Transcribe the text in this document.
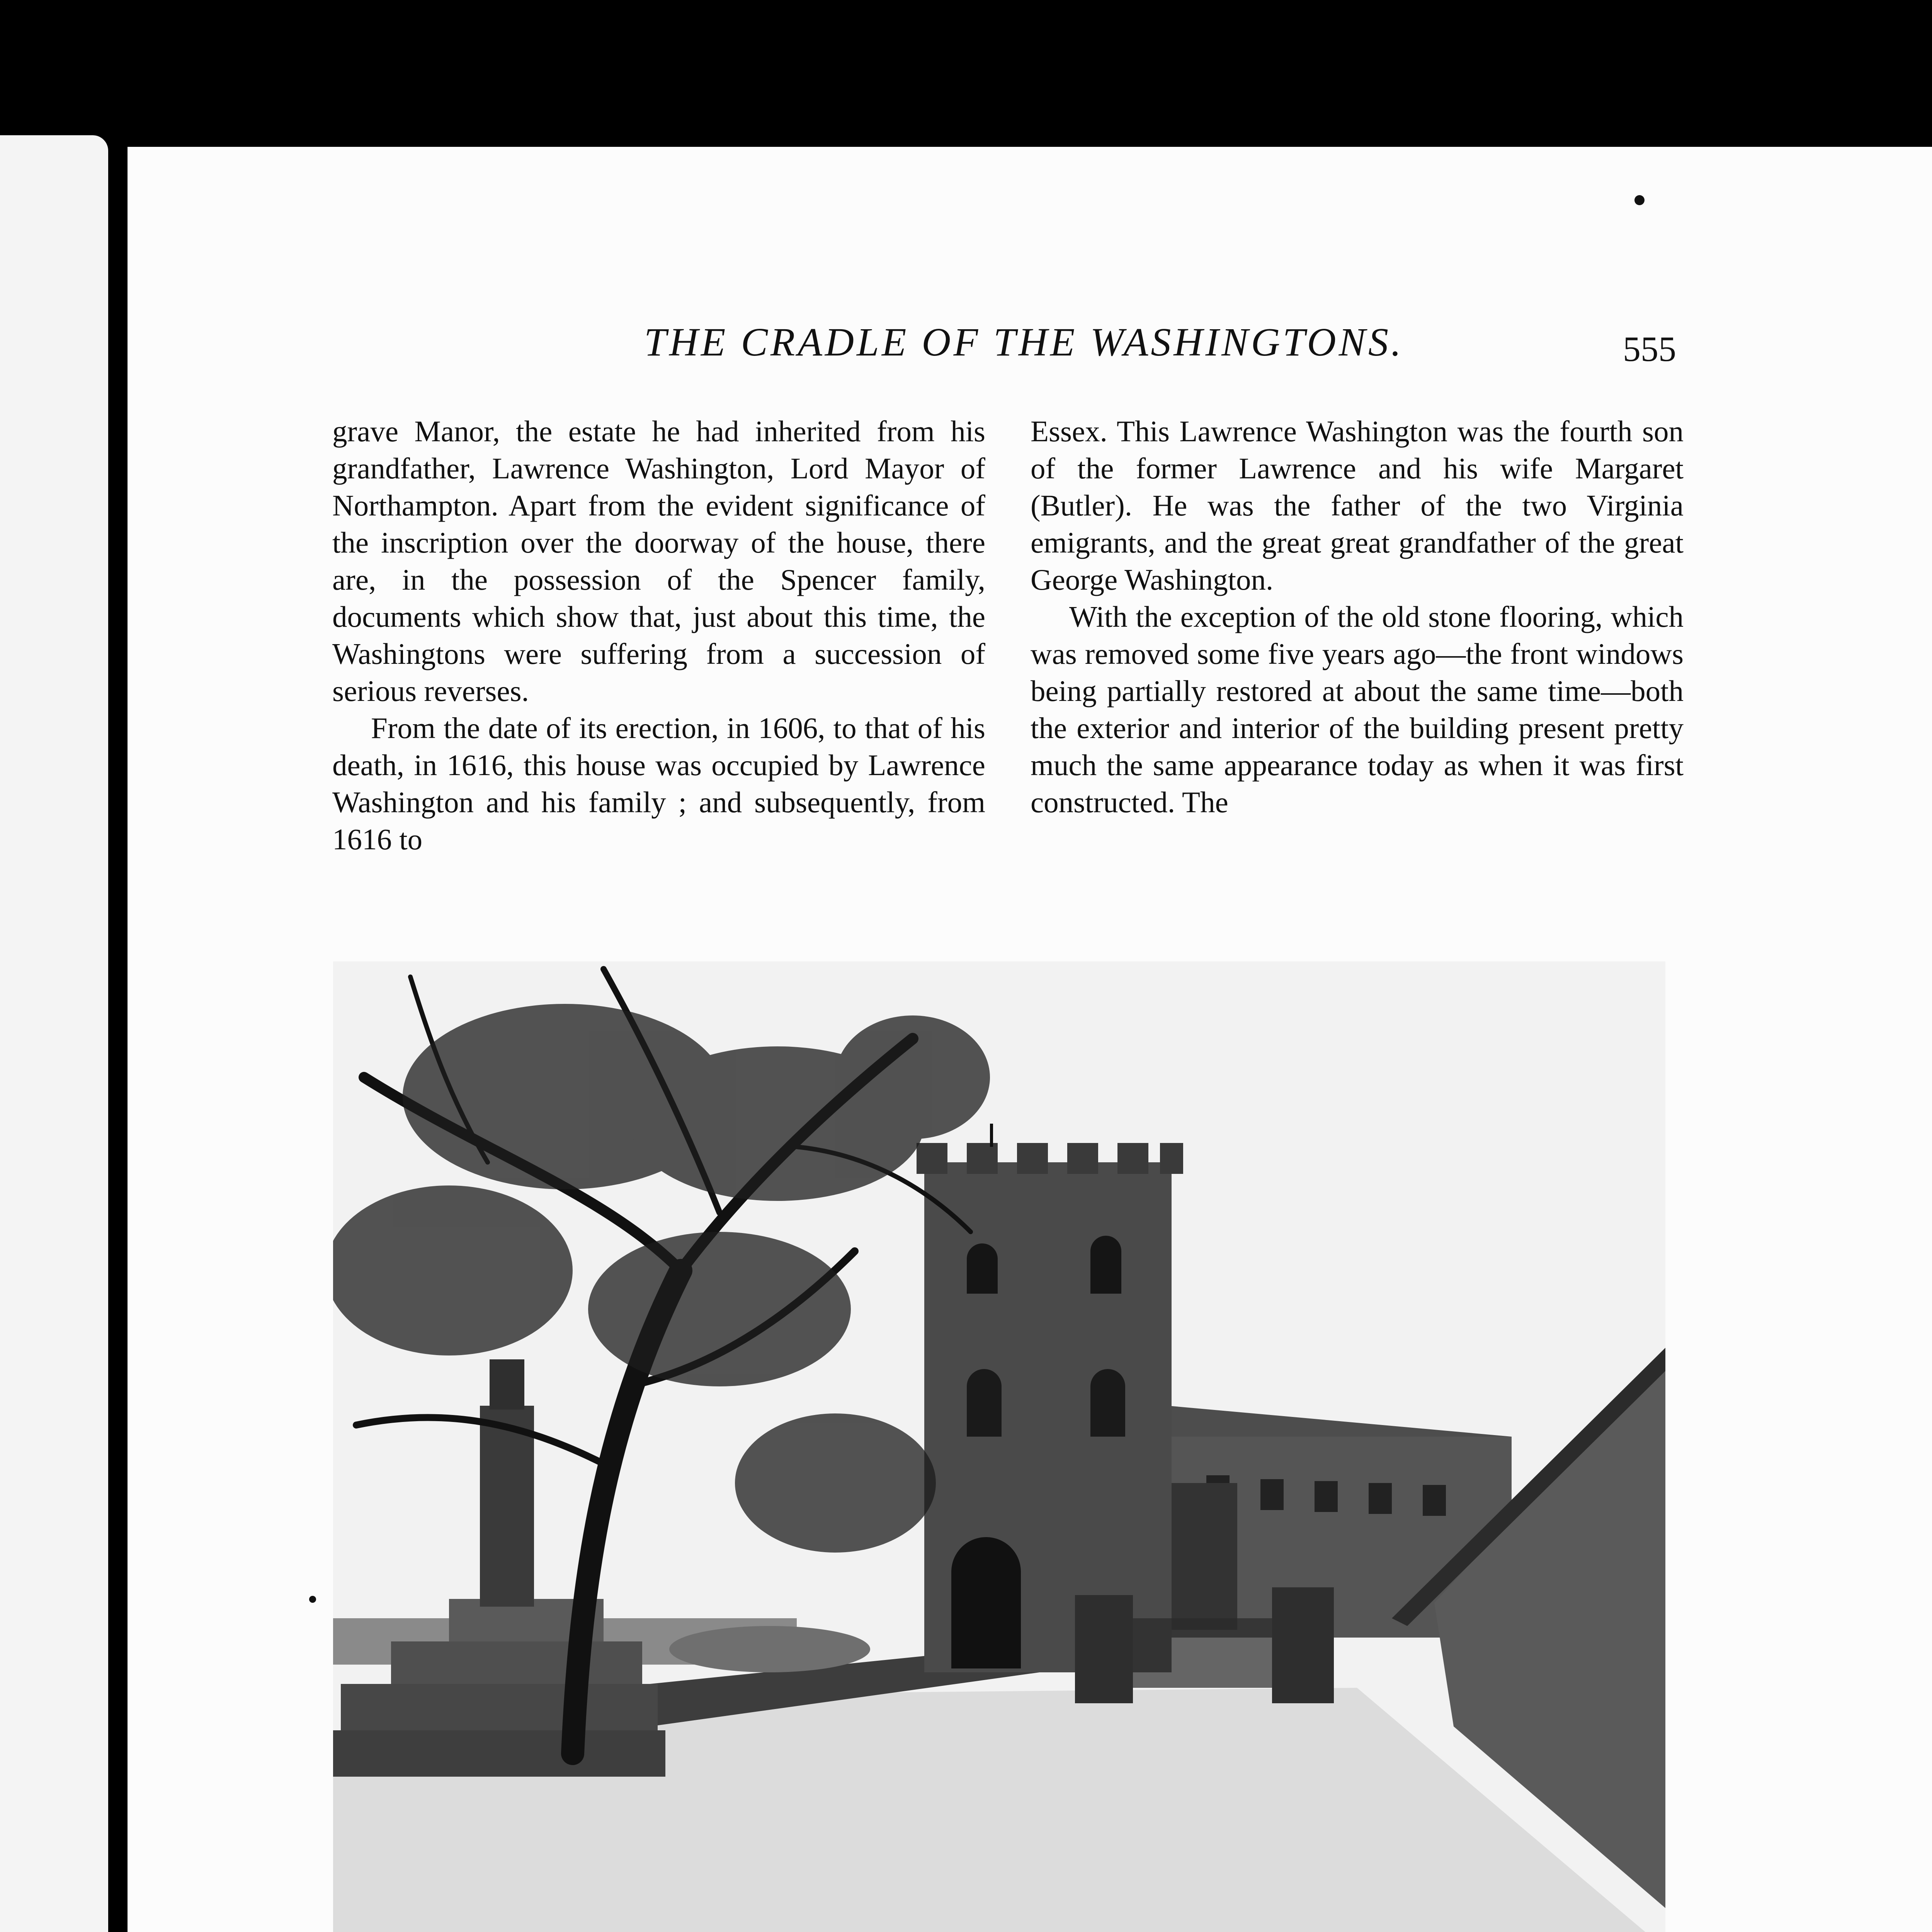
THE CRADLE OF THE WASHINGTONS.	555

grave Manor, the estate he had inherited from his grandfather, Lawrence Washington, Lord Mayor of Northampton. Apart from the evident significance of the inscription over the doorway of the house, there are, in the possession of the Spencer family, documents which show that, just about this time, the Washingtons were suffering from a succession of serious reverses.

From the date of its erection, in 1606, to that of his death, in 1616, this house was occupied by Lawrence Washington and his family ; and subsequently, from 1616 to

Essex. This Lawrence Washington was the fourth son of the former Lawrence and his wife Margaret (Butler). He was the father of the two Virginia emigrants, and the great great grandfather of the great George Washington.

With the exception of the old stone flooring, which was removed some five years ago—the front windows being partially restored at about the same time—both the exterior and interior of the building present pretty much the same appearance today as when it was first constructed. The
